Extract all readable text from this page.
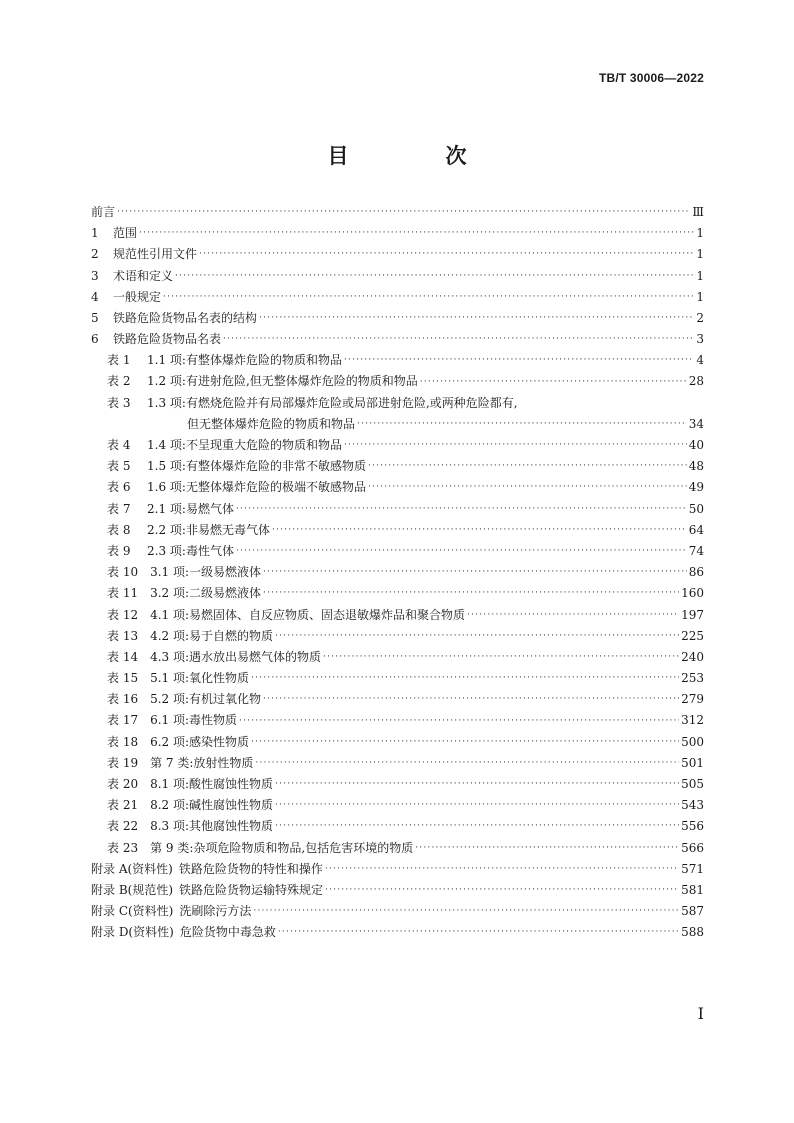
TB/T 30006—2022
目　次
前言 ·····	Ⅲ
1  范围 ·····	1
2  规范性引用文件 ·····	1
3  术语和定义 ·····	1
4  一般规定 ·····	1
5  铁路危险货物品名表的结构 ·····	2
6  铁路危险货物品名表 ·····	3
表 1  1.1 项:有整体爆炸危险的物质和物品 ·····	4
表 2  1.2 项:有进射危险,但无整体爆炸危险的物质和物品 ·····	28
表 3  1.3 项:有燃烧危险并有局部爆炸危险或局部进射危险,或两种危险都有,
但无整体爆炸危险的物质和物品 ·····	34
表 4  1.4 项:不呈现重大危险的物质和物品 ·····	40
表 5  1.5 项:有整体爆炸危险的非常不敏感物质 ·····	48
表 6  1.6 项:无整体爆炸危险的极端不敏感物品 ·····	49
表 7  2.1 项:易燃气体 ·····	50
表 8  2.2 项:非易燃无毒气体 ·····	64
表 9  2.3 项:毒性气体 ·····	74
表 10  3.1 项:一级易燃液体 ·····	86
表 11  3.2 项:二级易燃液体 ·····	160
表 12  4.1 项:易燃固体、自反应物质、固态退敏爆炸品和聚合物质 ·····	197
表 13  4.2 项:易于自燃的物质 ·····	225
表 14  4.3 项:遇水放出易燃气体的物质 ·····	240
表 15  5.1 项:氧化性物质 ·····	253
表 16  5.2 项:有机过氧化物 ·····	279
表 17  6.1 项:毒性物质 ·····	312
表 18  6.2 项:感染性物质 ·····	500
表 19  第 7 类:放射性物质 ·····	501
表 20  8.1 项:酸性腐蚀性物质 ·····	505
表 21  8.2 项:碱性腐蚀性物质 ·····	543
表 22  8.3 项:其他腐蚀性物质 ·····	556
表 23  第 9 类:杂项危险物质和物品,包括危害环境的物质 ·····	566
附录 A(资料性)  铁路危险货物的特性和操作 ·····	571
附录 B(规范性)  铁路危险货物运输特殊规定 ·····	581
附录 C(资料性)  洗刷除污方法 ·····	587
附录 D(资料性)  危险货物中毒急救 ·····	588
I
